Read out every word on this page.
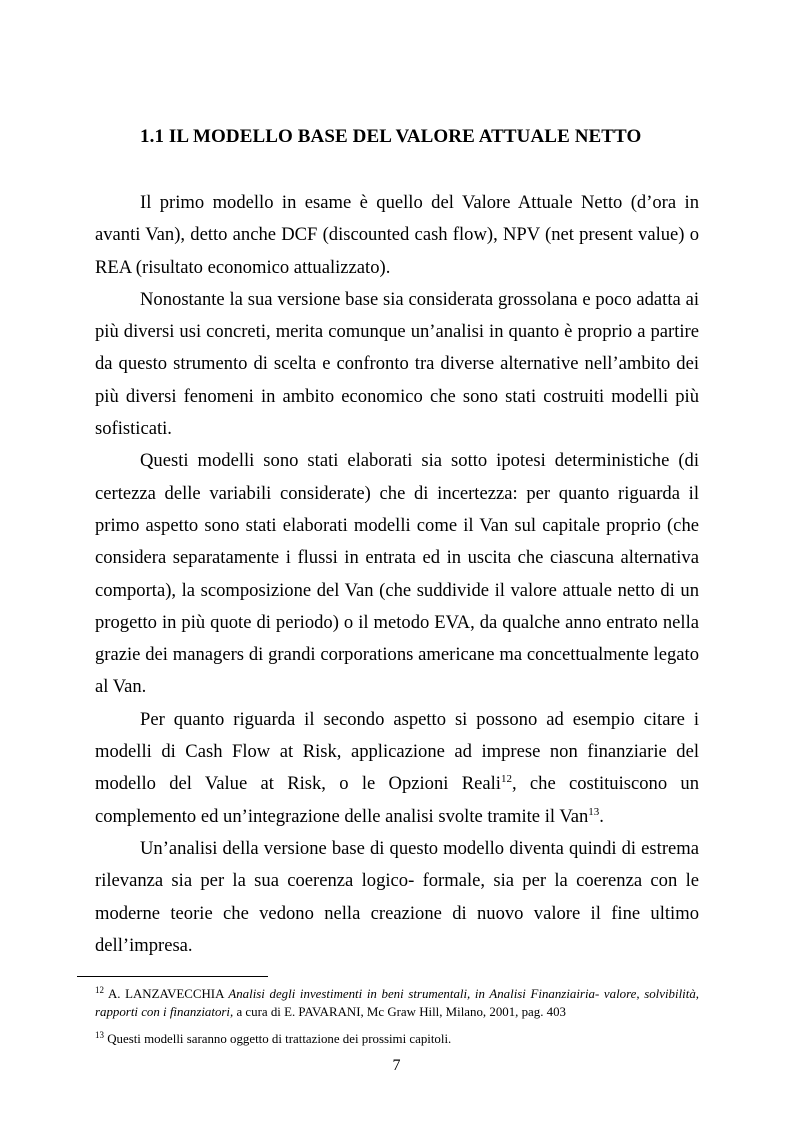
1.1 IL MODELLO BASE DEL VALORE ATTUALE NETTO

Il primo modello in esame è quello del Valore Attuale Netto (d’ora in avanti Van), detto anche DCF (discounted cash flow), NPV (net present value) o REA (risultato economico attualizzato).

Nonostante la sua versione base sia considerata grossolana e poco adatta ai più diversi usi concreti, merita comunque un’analisi in quanto è proprio a partire da questo strumento di scelta e confronto tra diverse alternative nell’ambito dei più diversi fenomeni in ambito economico che sono stati costruiti modelli più sofisticati.

Questi modelli sono stati elaborati sia sotto ipotesi deterministiche (di certezza delle variabili considerate) che di incertezza: per quanto riguarda il primo aspetto sono stati elaborati modelli come il Van sul capitale proprio (che considera separatamente i flussi in entrata ed in uscita che ciascuna alternativa comporta), la scomposizione del Van (che suddivide il valore attuale netto di un progetto in più quote di periodo) o il metodo EVA, da qualche anno entrato nella grazie dei managers di grandi corporations americane ma concettualmente legato al Van.

Per quanto riguarda il secondo aspetto si possono ad esempio citare i modelli di Cash Flow at Risk, applicazione ad imprese non finanziarie del modello del Value at Risk, o le Opzioni Reali$^{12}$, che costituiscono un complemento ed un’integrazione delle analisi svolte tramite il Van$^{13}$.

Un’analisi della versione base di questo modello diventa quindi di estrema rilevanza sia per la sua coerenza logico- formale, sia per la coerenza con le moderne teorie che vedono nella creazione di nuovo valore il fine ultimo dell’impresa.

$^{12}$ A. LANZAVECCHIA Analisi degli investimenti in beni strumentali, in Analisi Finanziairia- valore, solvibilità, rapporti con i finanziatori, a cura di E. PAVARANI, Mc Graw Hill, Milano, 2001, pag. 403

$^{13}$ Questi modelli saranno oggetto di trattazione dei prossimi capitoli.

7
